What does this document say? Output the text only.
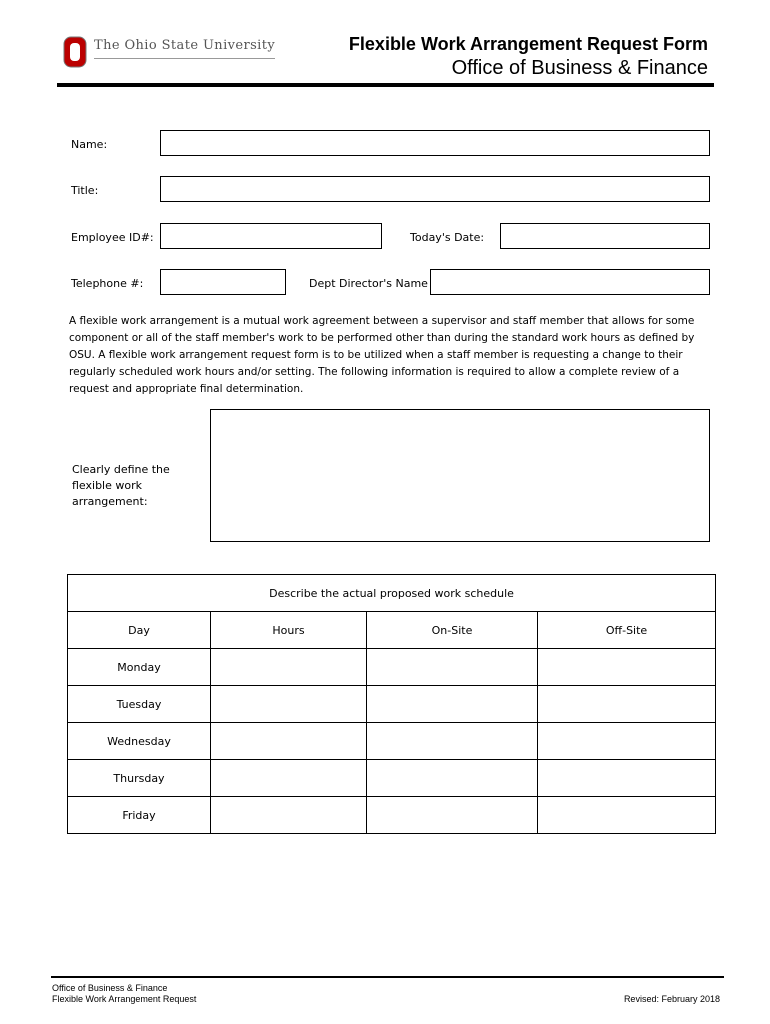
The Ohio State University	Flexible Work Arrangement Request Form
Office of Business & Finance
Name:
Title:
Employee ID#:	Today's Date:
Telephone #:	Dept Director's Name
A flexible work arrangement is a mutual work agreement between a supervisor and staff member that allows for some component or all of the staff member's work to be performed other than during the standard work hours as defined by OSU. A flexible work arrangement request form is to be utilized when a staff member is requesting a change to their regularly scheduled work hours and/or setting. The following information is required to allow a complete review of a request and appropriate final determination.
Clearly define the flexible work arrangement:
Describe the actual proposed work schedule			
Day	Hours	On-Site	Off-Site
Monday			
Tuesday			
Wednesday			
Thursday			
Friday			
Office of Business & Finance
Flexible Work Arrangement Request	Revised: February 2018
